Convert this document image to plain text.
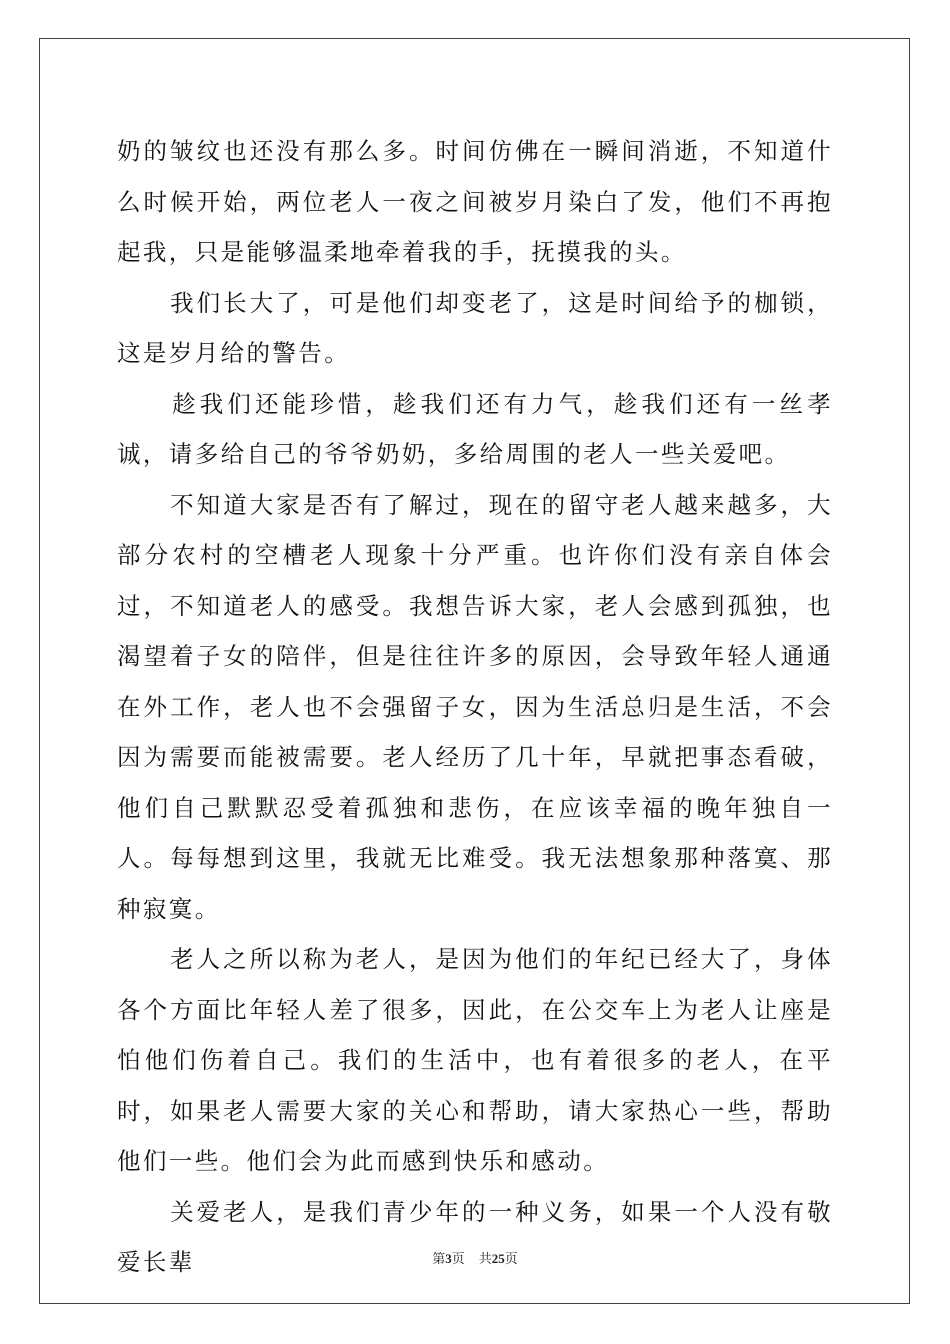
奶的皱纹也还没有那么多。时间仿佛在一瞬间消逝，不知道什么时候开始，两位老人一夜之间被岁月染白了发，他们不再抱起我，只是能够温柔地牵着我的手，抚摸我的头。

　　我们长大了，可是他们却变老了，这是时间给予的枷锁，这是岁月给的警告。

　　趁我们还能珍惜，趁我们还有力气，趁我们还有一丝孝诚，请多给自己的爷爷奶奶，多给周围的老人一些关爱吧。

　　不知道大家是否有了解过，现在的留守老人越来越多，大部分农村的空槽老人现象十分严重。也许你们没有亲自体会过，不知道老人的感受。我想告诉大家，老人会感到孤独，也渴望着子女的陪伴，但是往往许多的原因，会导致年轻人通通在外工作，老人也不会强留子女，因为生活总归是生活，不会因为需要而能被需要。老人经历了几十年，早就把事态看破，他们自己默默忍受着孤独和悲伤，在应该幸福的晚年独自一人。每每想到这里，我就无比难受。我无法想象那种落寞、那种寂寞。

　　老人之所以称为老人，是因为他们的年纪已经大了，身体各个方面比年轻人差了很多，因此，在公交车上为老人让座是怕他们伤着自己。我们的生活中，也有着很多的老人，在平时，如果老人需要大家的关心和帮助，请大家热心一些，帮助他们一些。他们会为此而感到快乐和感动。

　　关爱老人，是我们青少年的一种义务，如果一个人没有敬爱长辈	第3页 共25页
